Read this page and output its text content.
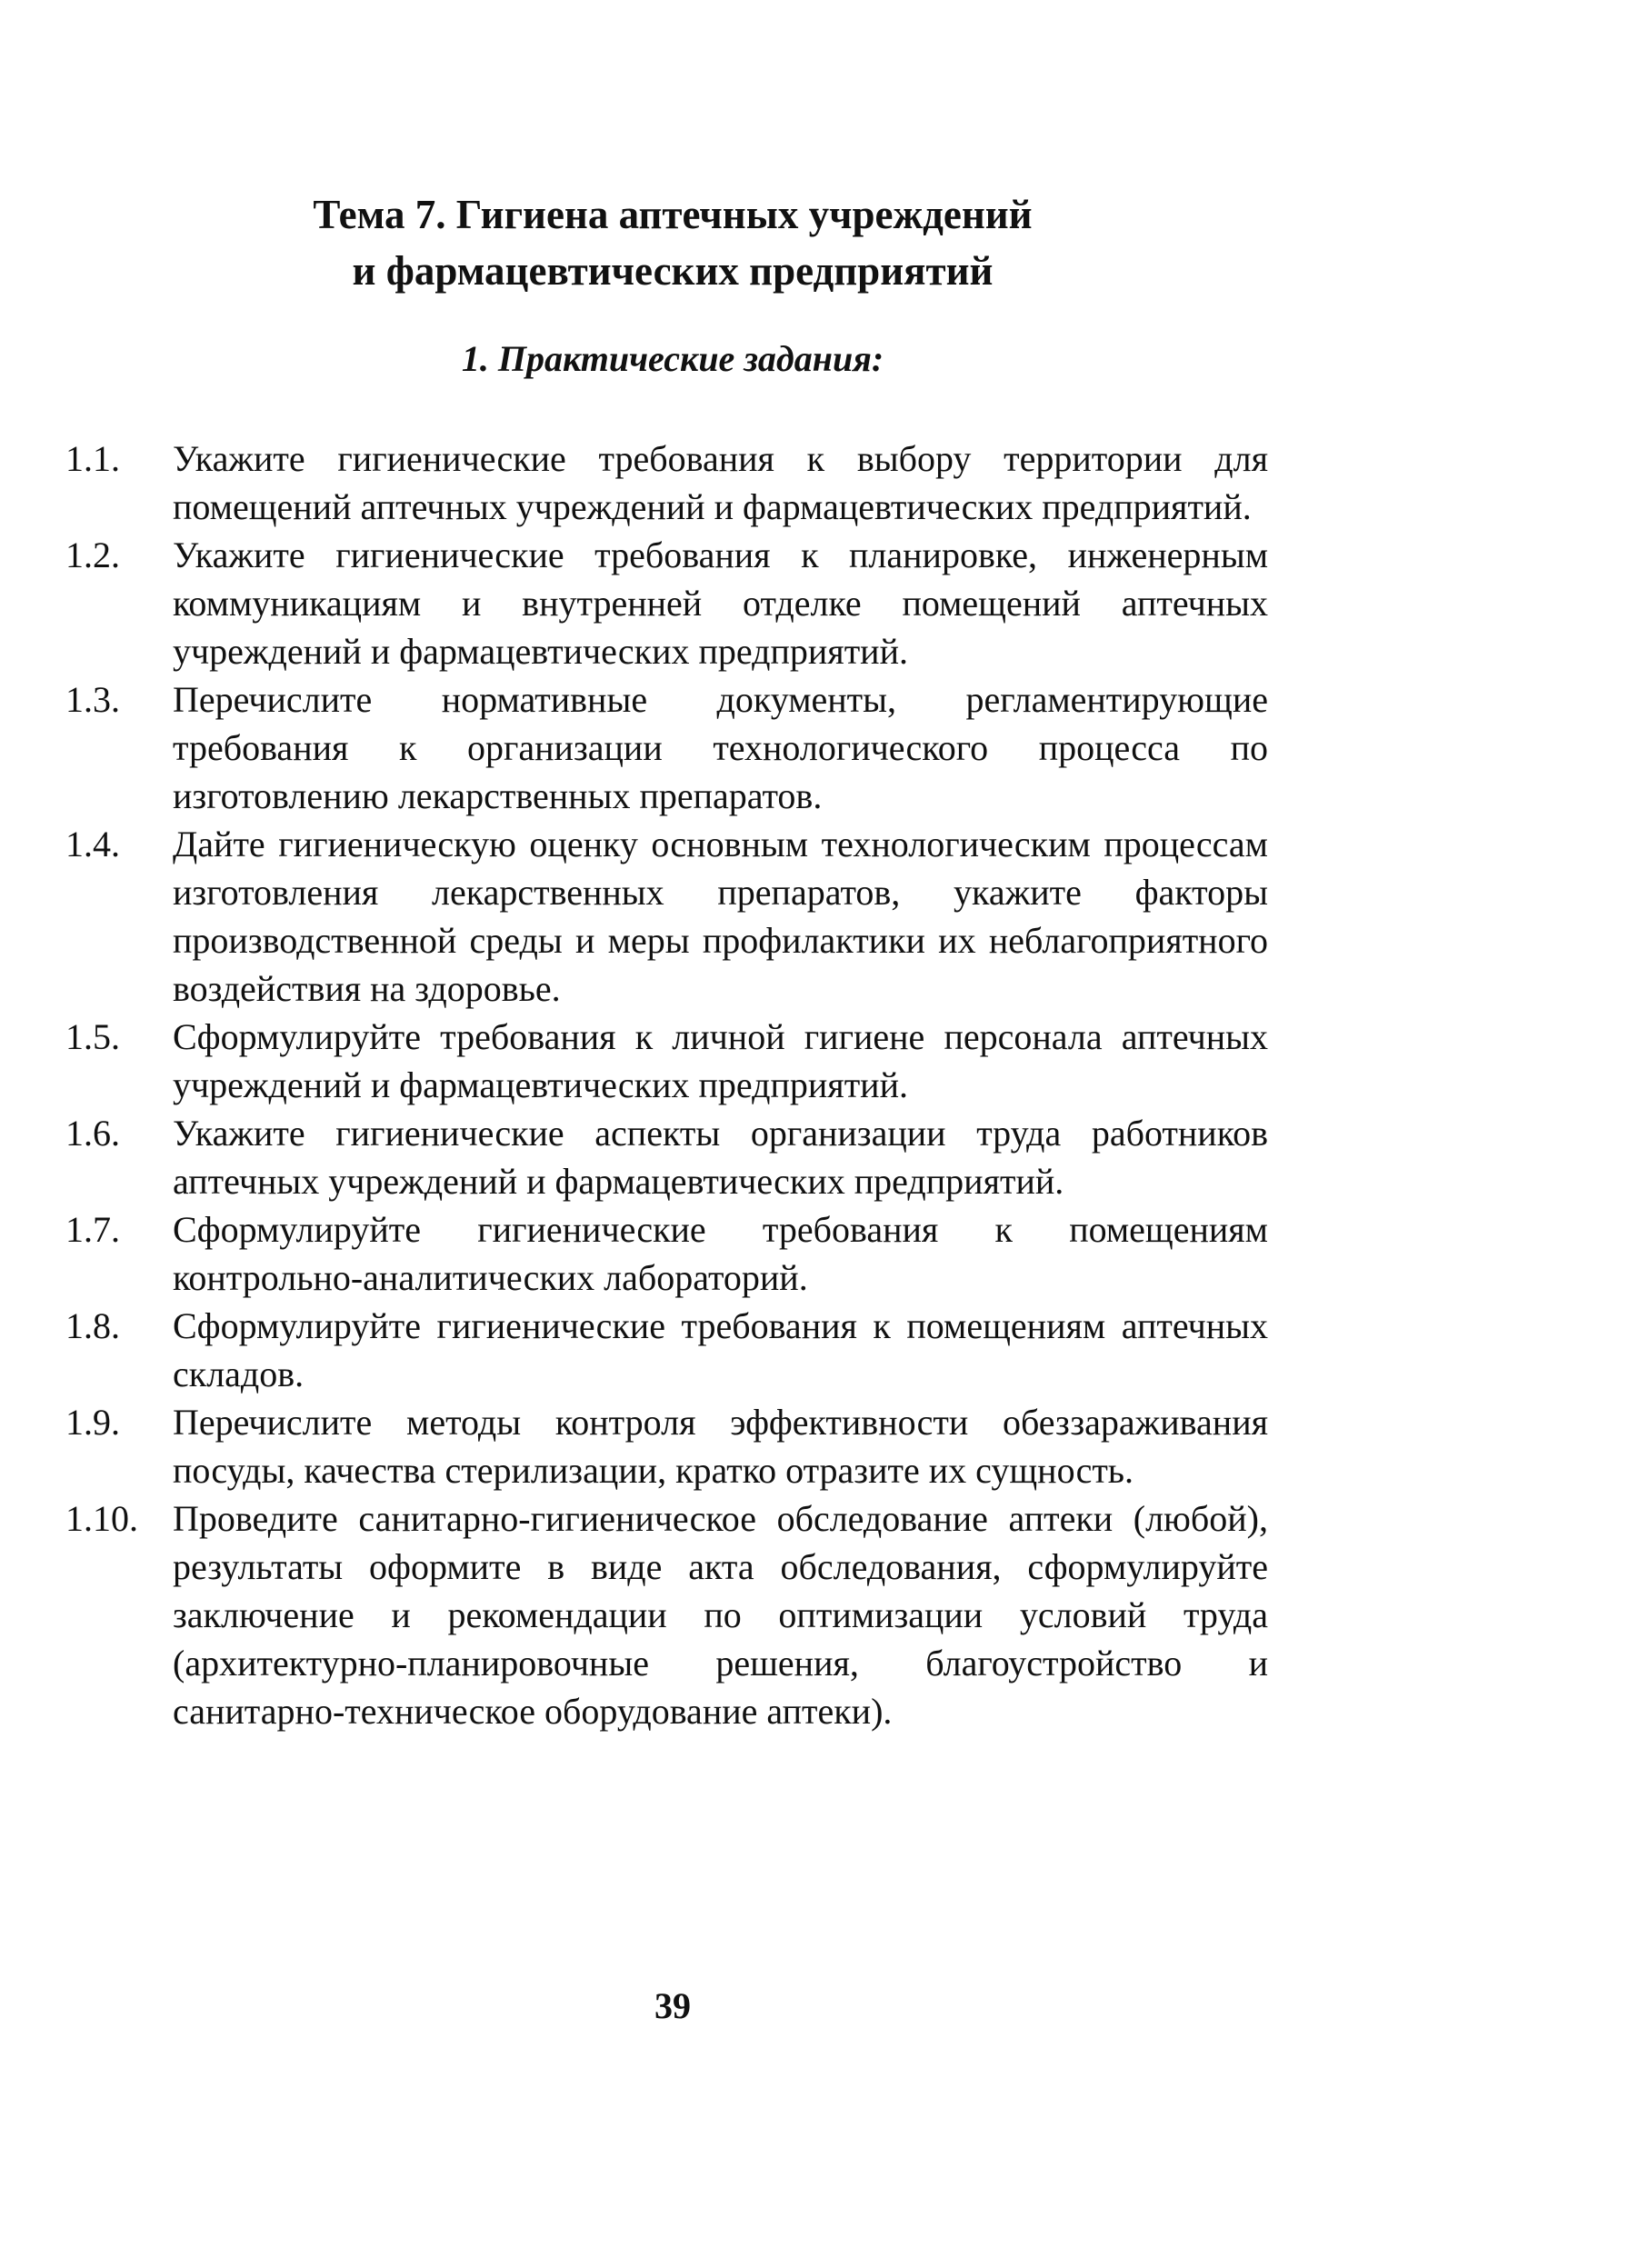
Тема 7. Гигиена аптечных учреждений
и фармацевтических предприятий
1. Практические задания:
1.1.	Укажите гигиенические требования к выбору территории для помещений аптечных учреждений и фармацевтических предприятий.
1.2.	Укажите гигиенические требования к планировке, инженерным коммуникациям и внутренней отделке помещений аптечных учреждений и фармацевтических предприятий.
1.3.	Перечислите нормативные документы, регламентирующие требования к организации технологического процесса по изготовлению лекарственных препаратов.
1.4.	Дайте гигиеническую оценку основным технологическим процессам изготовления лекарственных препаратов, укажите факторы производственной среды и меры профилактики их неблагоприятного воздействия на здоровье.
1.5.	Сформулируйте требования к личной гигиене персонала аптечных учреждений и фармацевтических предприятий.
1.6.	Укажите гигиенические аспекты организации труда работников аптечных учреждений и фармацевтических предприятий.
1.7.	Сформулируйте гигиенические требования к помещениям контрольно-аналитических лабораторий.
1.8.	Сформулируйте гигиенические требования к помещениям аптечных складов.
1.9.	Перечислите методы контроля эффективности обеззараживания посуды, качества стерилизации, кратко отразите их сущность.
1.10. Проведите санитарно-гигиеническое обследование аптеки (любой), результаты оформите в виде акта обследования, сформулируйте заключение и рекомендации по оптимизации условий труда (архитектурно-планировочные решения, благоустройство и санитарно-техническое оборудование аптеки).
39
